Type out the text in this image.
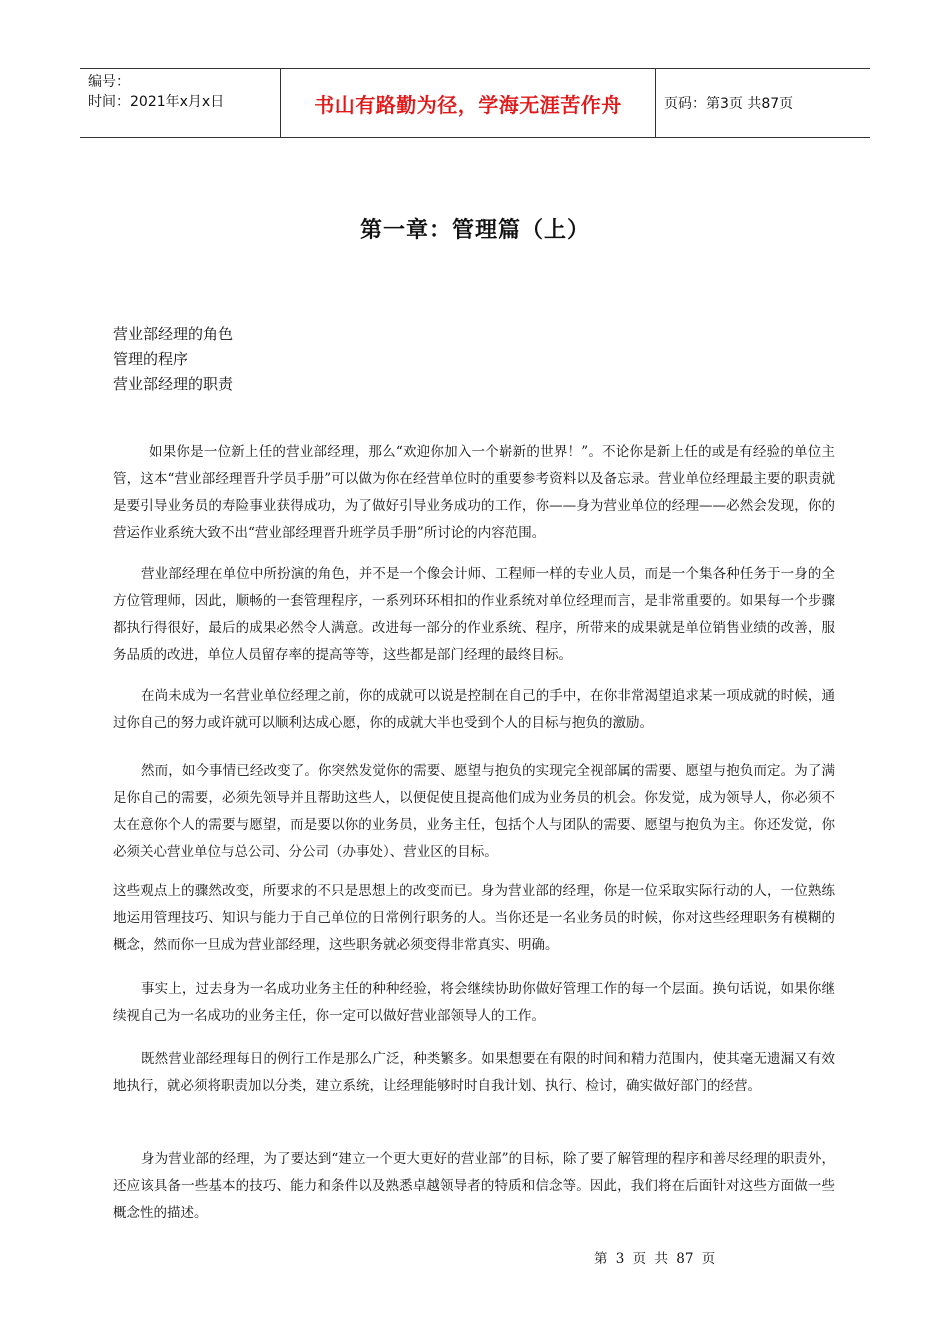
编号：
时间：2021年x月x日	书山有路勤为径，学海无涯苦作舟	页码：第3页 共87页
第一章：管理篇（上）
营业部经理的角色
管理的程序
营业部经理的职责

如果你是一位新上任的营业部经理，那么“欢迎你加入一个崭新的世界！”。不论你是新上任的或是有经验的单位主管，这本“营业部经理晋升学员手册”可以做为你在经营单位时的重要参考资料以及备忘录。营业单位经理最主要的职责就是要引导业务员的寿险事业获得成功，为了做好引导业务成功的工作，你——身为营业单位的经理——必然会发现，你的营运作业系统大致不出“营业部经理晋升班学员手册”所讨论的内容范围。

营业部经理在单位中所扮演的角色，并不是一个像会计师、工程师一样的专业人员，而是一个集各种任务于一身的全方位管理师，因此，顺畅的一套管理程序，一系列环环相扣的作业系统对单位经理而言，是非常重要的。如果每一个步骤都执行得很好，最后的成果必然令人满意。改进每一部分的作业系统、程序，所带来的成果就是单位销售业绩的改善，服务品质的改进，单位人员留存率的提高等等，这些都是部门经理的最终目标。

在尚未成为一名营业单位经理之前，你的成就可以说是控制在自己的手中，在你非常渴望追求某一项成就的时候，通过你自己的努力或许就可以顺利达成心愿，你的成就大半也受到个人的目标与抱负的激励。

然而，如今事情已经改变了。你突然发觉你的需要、愿望与抱负的实现完全视部属的需要、愿望与抱负而定。为了满足你自己的需要，必须先领导并且帮助这些人，以便促使且提高他们成为业务员的机会。你发觉，成为领导人，你必须不太在意你个人的需要与愿望，而是要以你的业务员，业务主任，包括个人与团队的需要、愿望与抱负为主。你还发觉，你必须关心营业单位与总公司、分公司（办事处）、营业区的目标。

这些观点上的骤然改变，所要求的不只是思想上的改变而已。身为营业部的经理，你是一位采取实际行动的人，一位熟练地运用管理技巧、知识与能力于自己单位的日常例行职务的人。当你还是一名业务员的时候，你对这些经理职务有模糊的概念，然而你一旦成为营业部经理，这些职务就必须变得非常真实、明确。

事实上，过去身为一名成功业务主任的种种经验，将会继续协助你做好管理工作的每一个层面。换句话说，如果你继续视自己为一名成功的业务主任，你一定可以做好营业部领导人的工作。

既然营业部经理每日的例行工作是那么广泛，种类繁多。如果想要在有限的时间和精力范围内，使其毫无遗漏又有效地执行，就必须将职责加以分类，建立系统，让经理能够时时自我计划、执行、检讨，确实做好部门的经营。

身为营业部的经理，为了要达到“建立一个更大更好的营业部”的目标，除了要了解管理的程序和善尽经理的职责外，还应该具备一些基本的技巧、能力和条件以及熟悉卓越领导者的特质和信念等。因此，我们将在后面针对这些方面做一些概念性的描述。

第 3 页 共 87 页
